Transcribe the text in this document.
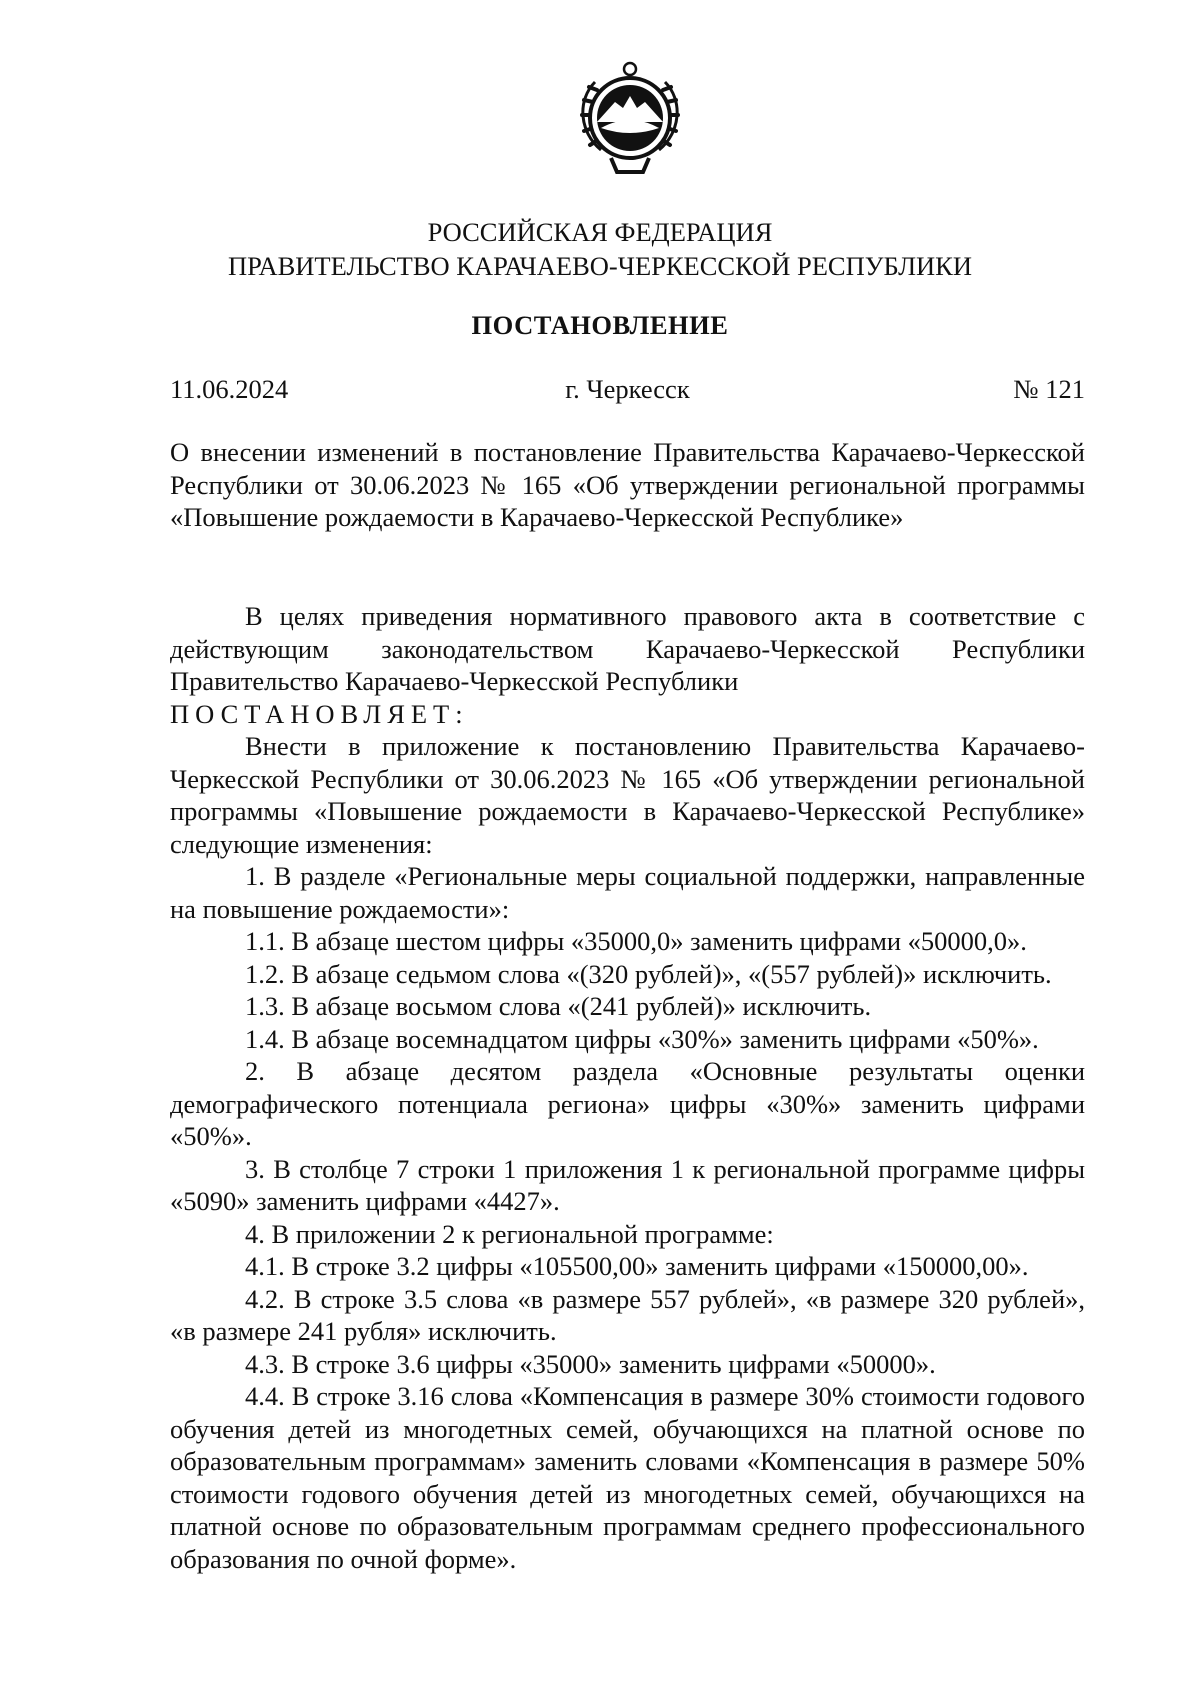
РОССИЙСКАЯ ФЕДЕРАЦИЯ
ПРАВИТЕЛЬСТВО КАРАЧАЕВО-ЧЕРКЕССКОЙ РЕСПУБЛИКИ
ПОСТАНОВЛЕНИЕ
г. Черкесск
11.06.2024	№ 121
О внесении изменений в постановление Правительства Карачаево-Черкесской Республики от 30.06.2023 № 165 «Об утверждении региональной программы «Повышение рождаемости в Карачаево-Черкесской Республике»

В целях приведения нормативного правового акта в соответствие с действующим законодательством Карачаево-Черкесской Республики Правительство Карачаево-Черкесской Республики

ПОСТАНОВЛЯЕТ:

Внести в приложение к постановлению Правительства Карачаево-Черкесской Республики от 30.06.2023 № 165 «Об утверждении региональной программы «Повышение рождаемости в Карачаево-Черкесской Республике» следующие изменения:

1. В разделе «Региональные меры социальной поддержки, направленные на повышение рождаемости»:

1.1. В абзаце шестом цифры «35000,0» заменить цифрами «50000,0».

1.2. В абзаце седьмом слова «(320 рублей)», «(557 рублей)» исключить.

1.3. В абзаце восьмом слова «(241 рублей)» исключить.

1.4. В абзаце восемнадцатом цифры «30%» заменить цифрами «50%».

2. В абзаце десятом раздела «Основные результаты оценки демографического потенциала региона» цифры «30%» заменить цифрами «50%».

3. В столбце 7 строки 1 приложения 1 к региональной программе цифры «5090» заменить цифрами «4427».

4. В приложении 2 к региональной программе:

4.1. В строке 3.2 цифры «105500,00» заменить цифрами «150000,00».

4.2. В строке 3.5 слова «в размере 557 рублей», «в размере 320 рублей», «в размере 241 рубля» исключить.

4.3. В строке 3.6 цифры «35000» заменить цифрами «50000».

4.4. В строке 3.16 слова «Компенсация в размере 30% стоимости годового обучения детей из многодетных семей, обучающихся на платной основе по образовательным программам» заменить словами «Компенсация в размере 50% стоимости годового обучения детей из многодетных семей, обучающихся на платной основе по образовательным программам среднего профессионального образования по очной форме».
